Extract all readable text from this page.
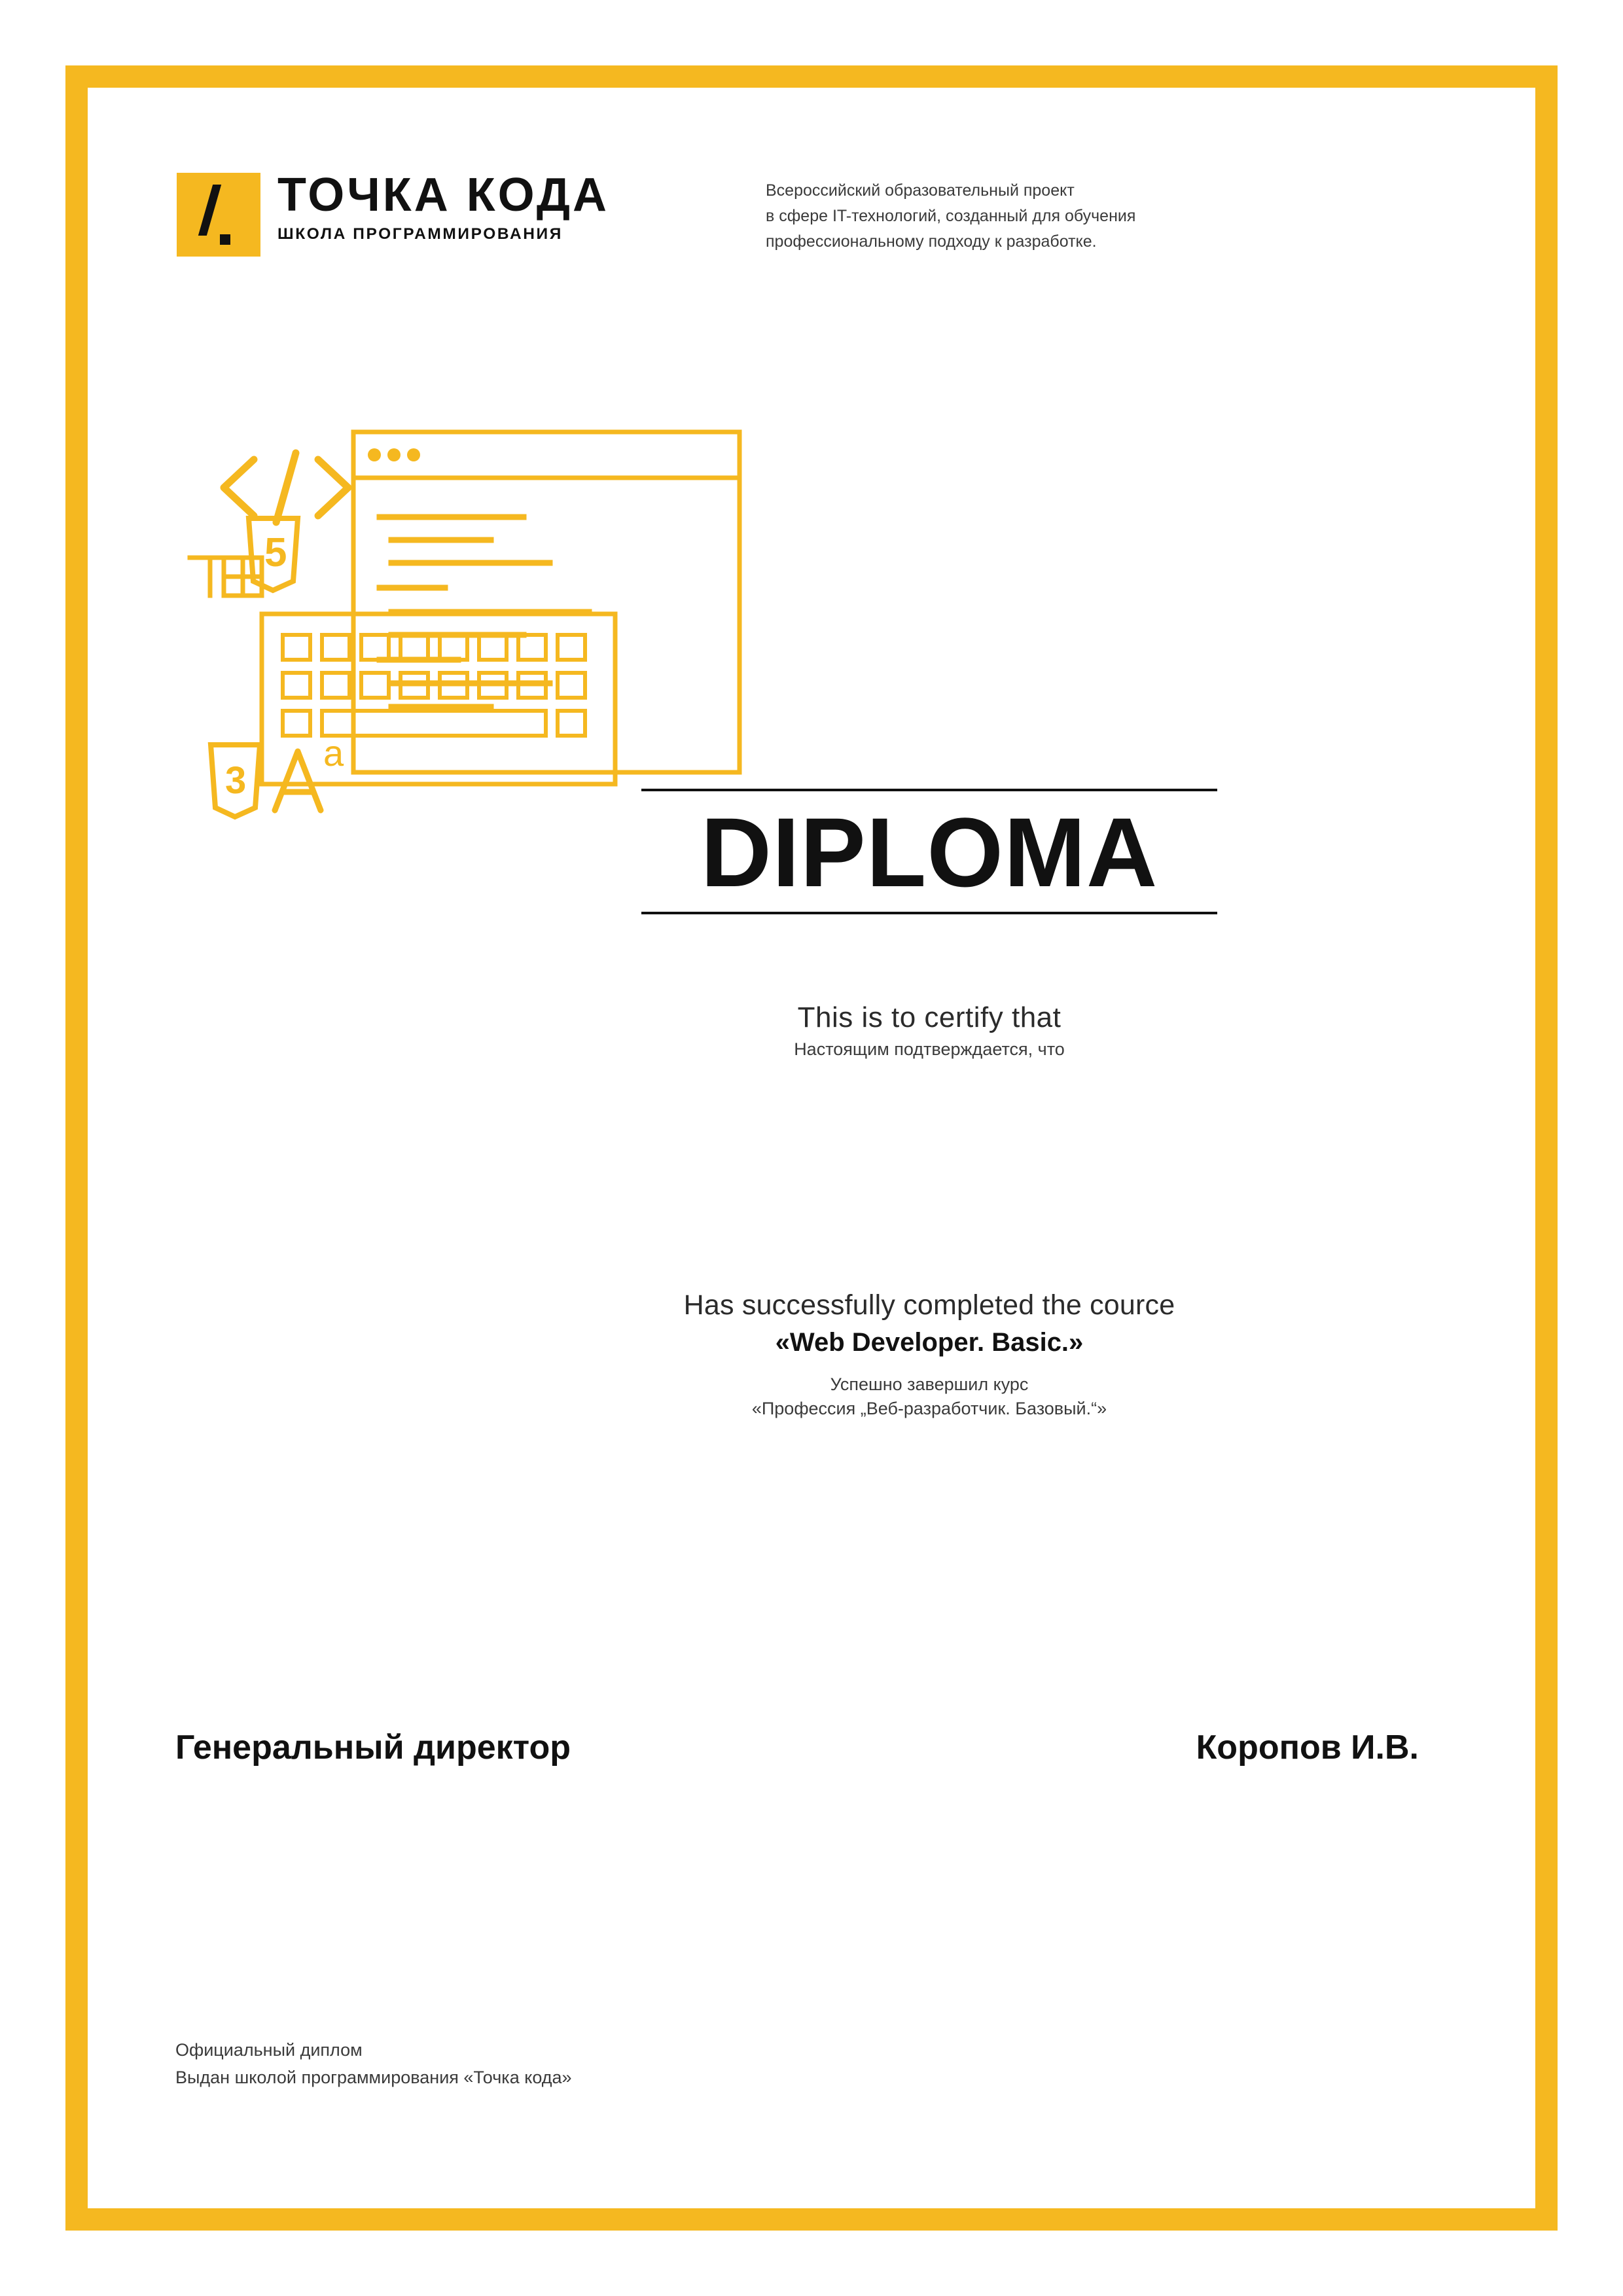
ТОЧКА КОДА
ШКОЛА ПРОГРАММИРОВАНИЯ
Всероссийский образовательный проект
в сфере IT-технологий, созданный для обучения
профессиональному подходу к разработке.
5
3
a
DIPLOMA
This is to certify that
Настоящим подтверждается, что
Has successfully completed the cource
«Web Developer. Basic.»
Успешно завершил курс
«Профессия „Веб-разработчик. Базовый.“»
Генеральный директор	Коропов И.В.
Официальный диплом
Выдан школой программирования «Точка кода»
